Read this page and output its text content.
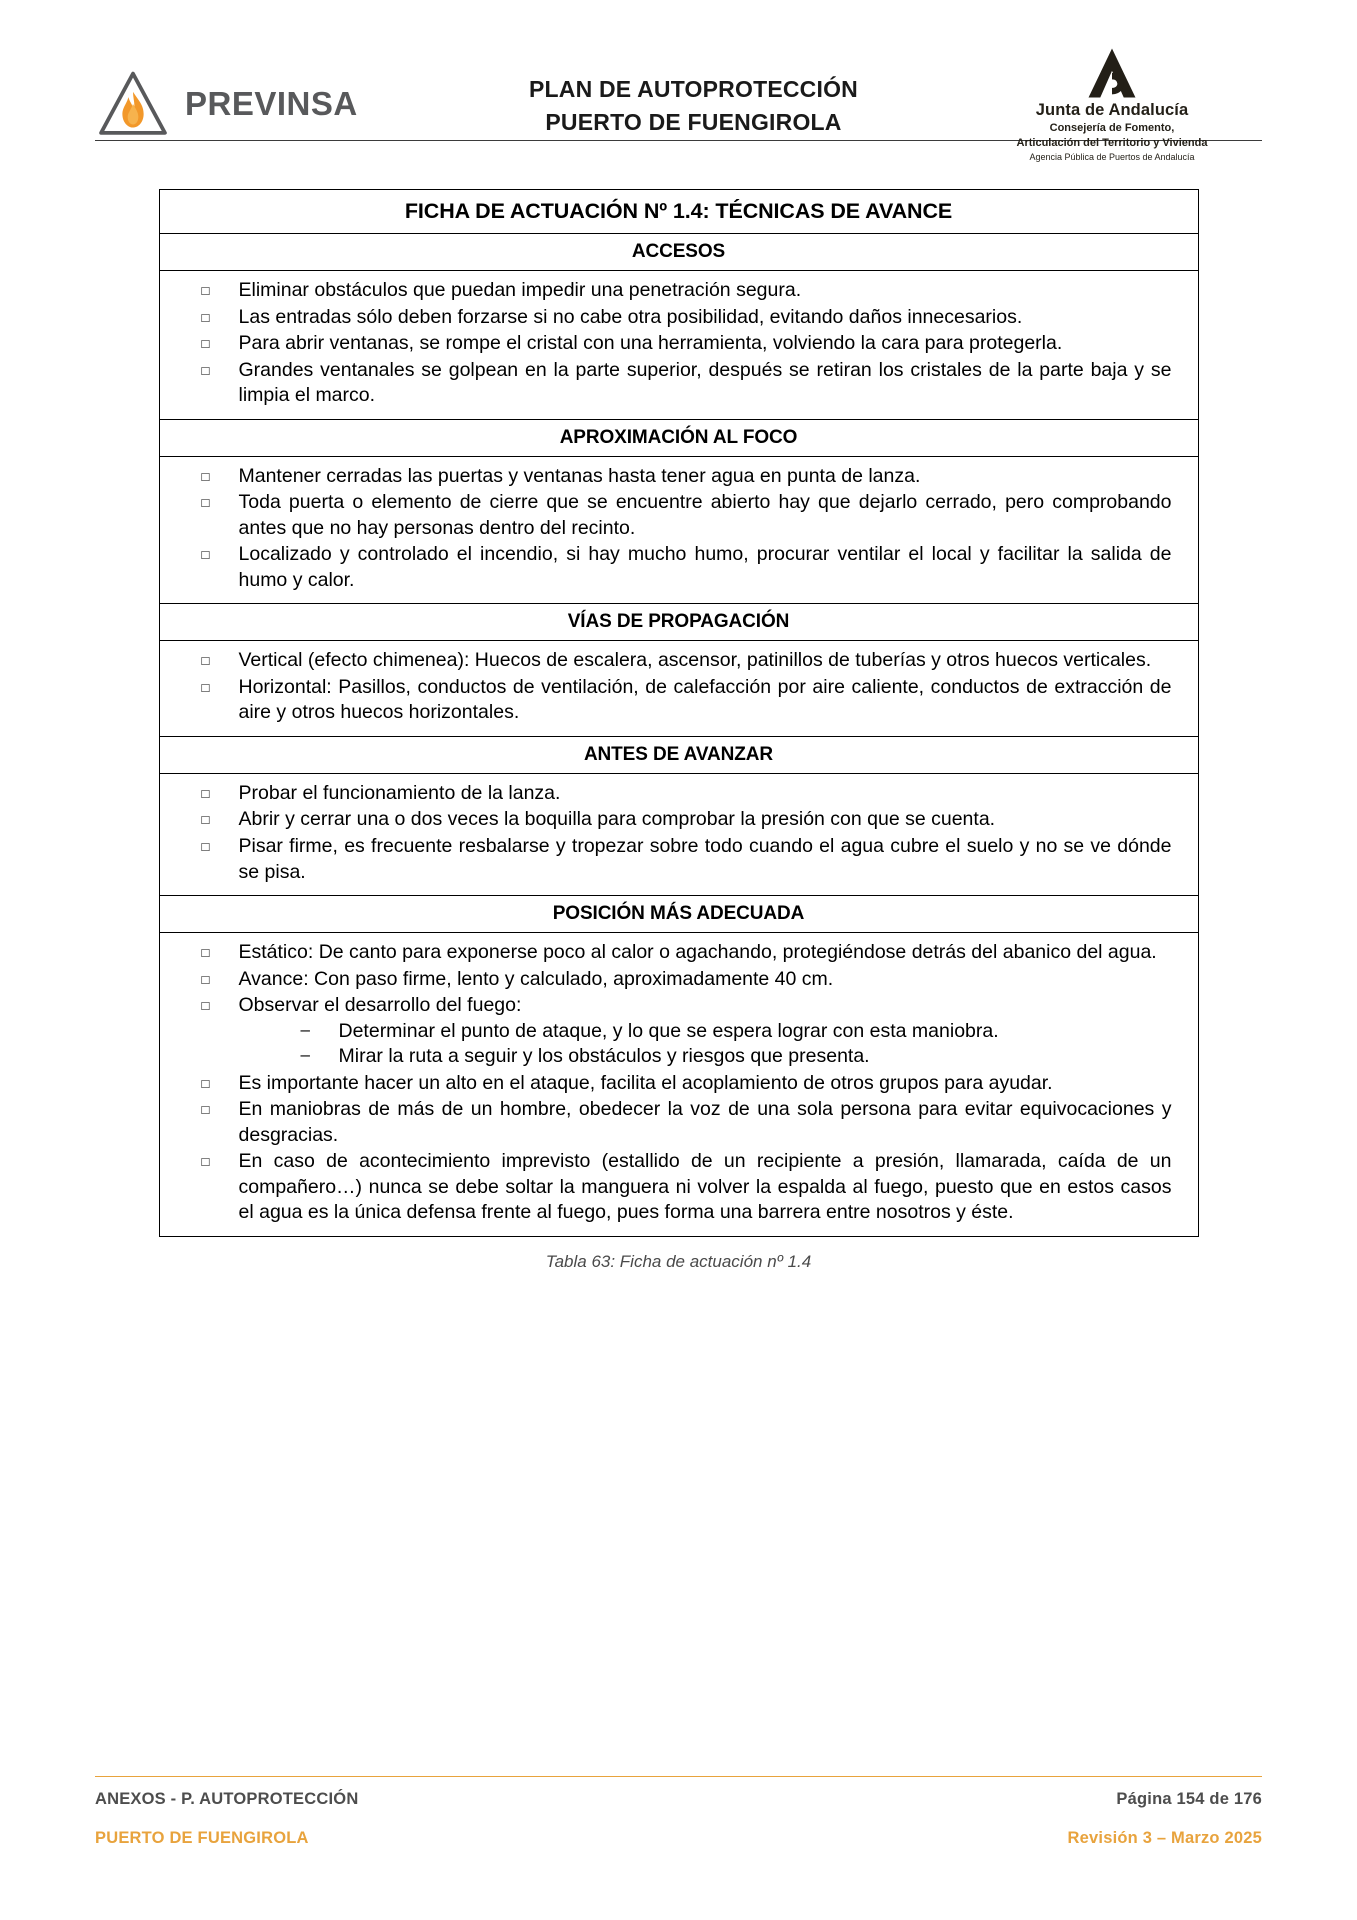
PREVINSA	PLAN DE AUTOPROTECCIÓN
PUERTO DE FUENGIROLA	Junta de Andalucía
Consejería de Fomento,
Articulación del Territorio y Vivienda
Agencia Pública de Puertos de Andalucía
FICHA DE ACTUACIÓN Nº 1.4: TÉCNICAS DE AVANCE
ACCESOS
□ Eliminar obstáculos que puedan impedir una penetración segura.
□ Las entradas sólo deben forzarse si no cabe otra posibilidad, evitando daños innecesarios.
□ Para abrir ventanas, se rompe el cristal con una herramienta, volviendo la cara para protegerla.
□ Grandes ventanales se golpean en la parte superior, después se retiran los cristales de la parte baja y se limpia el marco.
APROXIMACIÓN AL FOCO
□ Mantener cerradas las puertas y ventanas hasta tener agua en punta de lanza.
□ Toda puerta o elemento de cierre que se encuentre abierto hay que dejarlo cerrado, pero comprobando antes que no hay personas dentro del recinto.
□ Localizado y controlado el incendio, si hay mucho humo, procurar ventilar el local y facilitar la salida de humo y calor.
VÍAS DE PROPAGACIÓN
□ Vertical (efecto chimenea): Huecos de escalera, ascensor, patinillos de tuberías y otros huecos verticales.
□ Horizontal: Pasillos, conductos de ventilación, de calefacción por aire caliente, conductos de extracción de aire y otros huecos horizontales.
ANTES DE AVANZAR
□ Probar el funcionamiento de la lanza.
□ Abrir y cerrar una o dos veces la boquilla para comprobar la presión con que se cuenta.
□ Pisar firme, es frecuente resbalarse y tropezar sobre todo cuando el agua cubre el suelo y no se ve dónde se pisa.
POSICIÓN MÁS ADECUADA
□ Estático: De canto para exponerse poco al calor o agachando, protegiéndose detrás del abanico del agua.
□ Avance: Con paso firme, lento y calculado, aproximadamente 40 cm.
□ Observar el desarrollo del fuego:
– Determinar el punto de ataque, y lo que se espera lograr con esta maniobra.
– Mirar la ruta a seguir y los obstáculos y riesgos que presenta.
□ Es importante hacer un alto en el ataque, facilita el acoplamiento de otros grupos para ayudar.
□ En maniobras de más de un hombre, obedecer la voz de una sola persona para evitar equivocaciones y desgracias.
□ En caso de acontecimiento imprevisto (estallido de un recipiente a presión, llamarada, caída de un compañero…) nunca se debe soltar la manguera ni volver la espalda al fuego, puesto que en estos casos el agua es la única defensa frente al fuego, pues forma una barrera entre nosotros y éste.
Tabla 63: Ficha de actuación nº 1.4
ANEXOS - P. AUTOPROTECCIÓN	Página 154 de 176
PUERTO DE FUENGIROLA	Revisión 3 – Marzo 2025
